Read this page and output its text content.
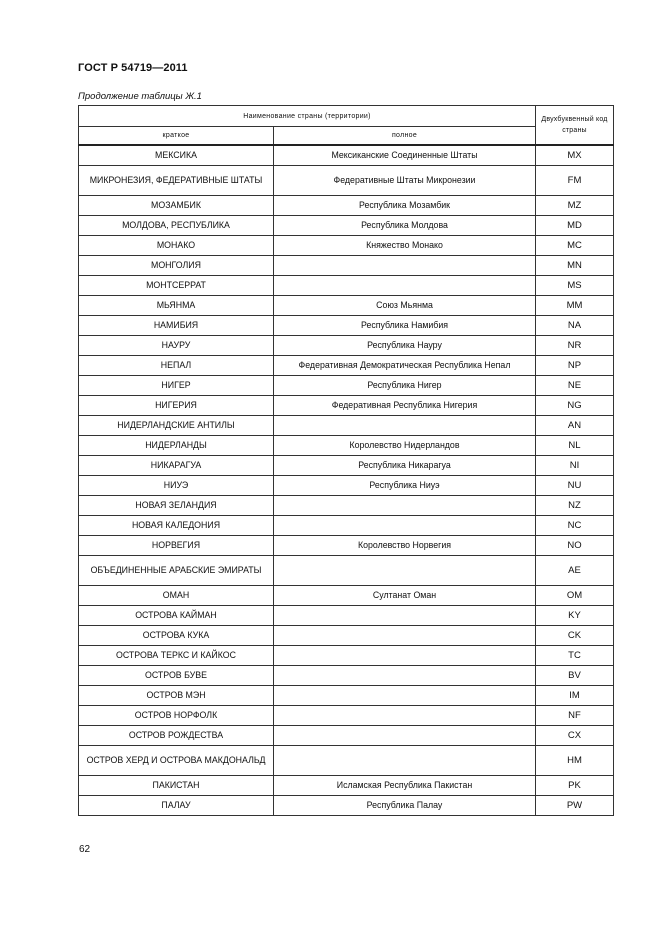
ГОСТ Р 54719—2011
Продолжение таблицы Ж.1
Наименование страны (территории)		Двухбуквенный код страны
краткое	полное	
МЕКСИКА	Мексиканские Соединенные Штаты	MX
МИКРОНЕЗИЯ, ФЕДЕРАТИВНЫЕ ШТАТЫ	Федеративные Штаты Микронезии	FM
МОЗАМБИК	Республика Мозамбик	MZ
МОЛДОВА, РЕСПУБЛИКА	Республика Молдова	MD
МОНАКО	Княжество Монако	MC
МОНГОЛИЯ		MN
МОНТСЕРРАТ		MS
МЬЯНМА	Союз Мьянма	MM
НАМИБИЯ	Республика Намибия	NA
НАУРУ	Республика Науру	NR
НЕПАЛ	Федеративная Демократическая Республика Непал	NP
НИГЕР	Республика Нигер	NE
НИГЕРИЯ	Федеративная Республика Нигерия	NG
НИДЕРЛАНДСКИЕ АНТИЛЫ		AN
НИДЕРЛАНДЫ	Королевство Нидерландов	NL
НИКАРАГУА	Республика Никарагуа	NI
НИУЭ	Республика Ниуэ	NU
НОВАЯ ЗЕЛАНДИЯ		NZ
НОВАЯ КАЛЕДОНИЯ		NC
НОРВЕГИЯ	Королевство Норвегия	NO
ОБЪЕДИНЕННЫЕ АРАБСКИЕ ЭМИРАТЫ		AE
ОМАН	Султанат Оман	OM
ОСТРОВА КАЙМАН		KY
ОСТРОВА КУКА		CK
ОСТРОВА ТЕРКС И КАЙКОС		TC
ОСТРОВ БУВЕ		BV
ОСТРОВ МЭН		IM
ОСТРОВ НОРФОЛК		NF
ОСТРОВ РОЖДЕСТВА		CX
ОСТРОВ ХЕРД И ОСТРОВА МАКДОНАЛЬД		HM
ПАКИСТАН	Исламская Республика Пакистан	PK
ПАЛАУ	Республика Палау	PW
62
